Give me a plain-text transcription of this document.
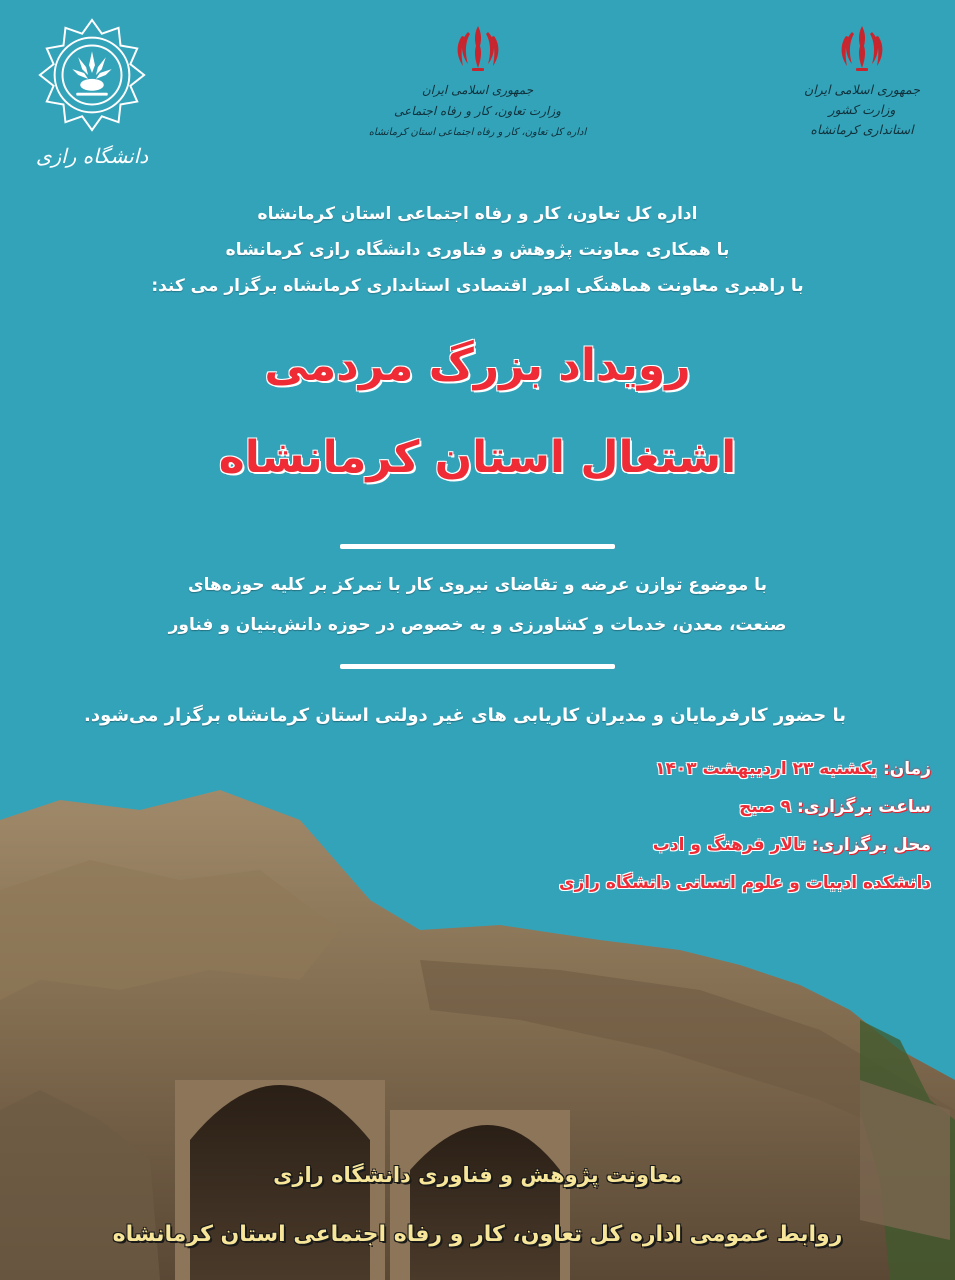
جمهوری اسلامی ایران
وزارت کشور
استانداری کرمانشاه
جمهوری اسلامی ایران
وزارت تعاون، کار و رفاه اجتماعی
اداره کل تعاون، کار و رفاه اجتماعی استان کرمانشاه
دانشگاه رازی
اداره کل تعاون، کار و رفاه اجتماعی استان کرمانشاه
با همکاری معاونت پژوهش و فناوری دانشگاه رازی کرمانشاه
با راهبری معاونت هماهنگی امور اقتصادی استانداری کرمانشاه برگزار می کند:
رویداد بزرگ مردمی
اشتغال استان کرمانشاه
با موضوع توازن عرضه و تقاضای نیروی کار با تمرکز بر کلیه حوزه‌های
صنعت، معدن، خدمات و کشاورزی و به خصوص در حوزه دانش‌بنیان و فناور
با حضور کارفرمایان و مدیران کاریابی های غیر دولتی استان کرمانشاه برگزار می‌شود.
زمان: یکشنبه ۲۳ اردیبهشت ۱۴۰۳
ساعت برگزاری: ۹ صبح
محل برگزاری: تالار فرهنگ و ادب
دانشکده ادبیات و علوم انسانی دانشگاه رازی
معاونت پژوهش و فناوری دانشگاه رازی
روابط عمومی اداره کل تعاون، کار و رفاه اجتماعی استان کرمانشاه
